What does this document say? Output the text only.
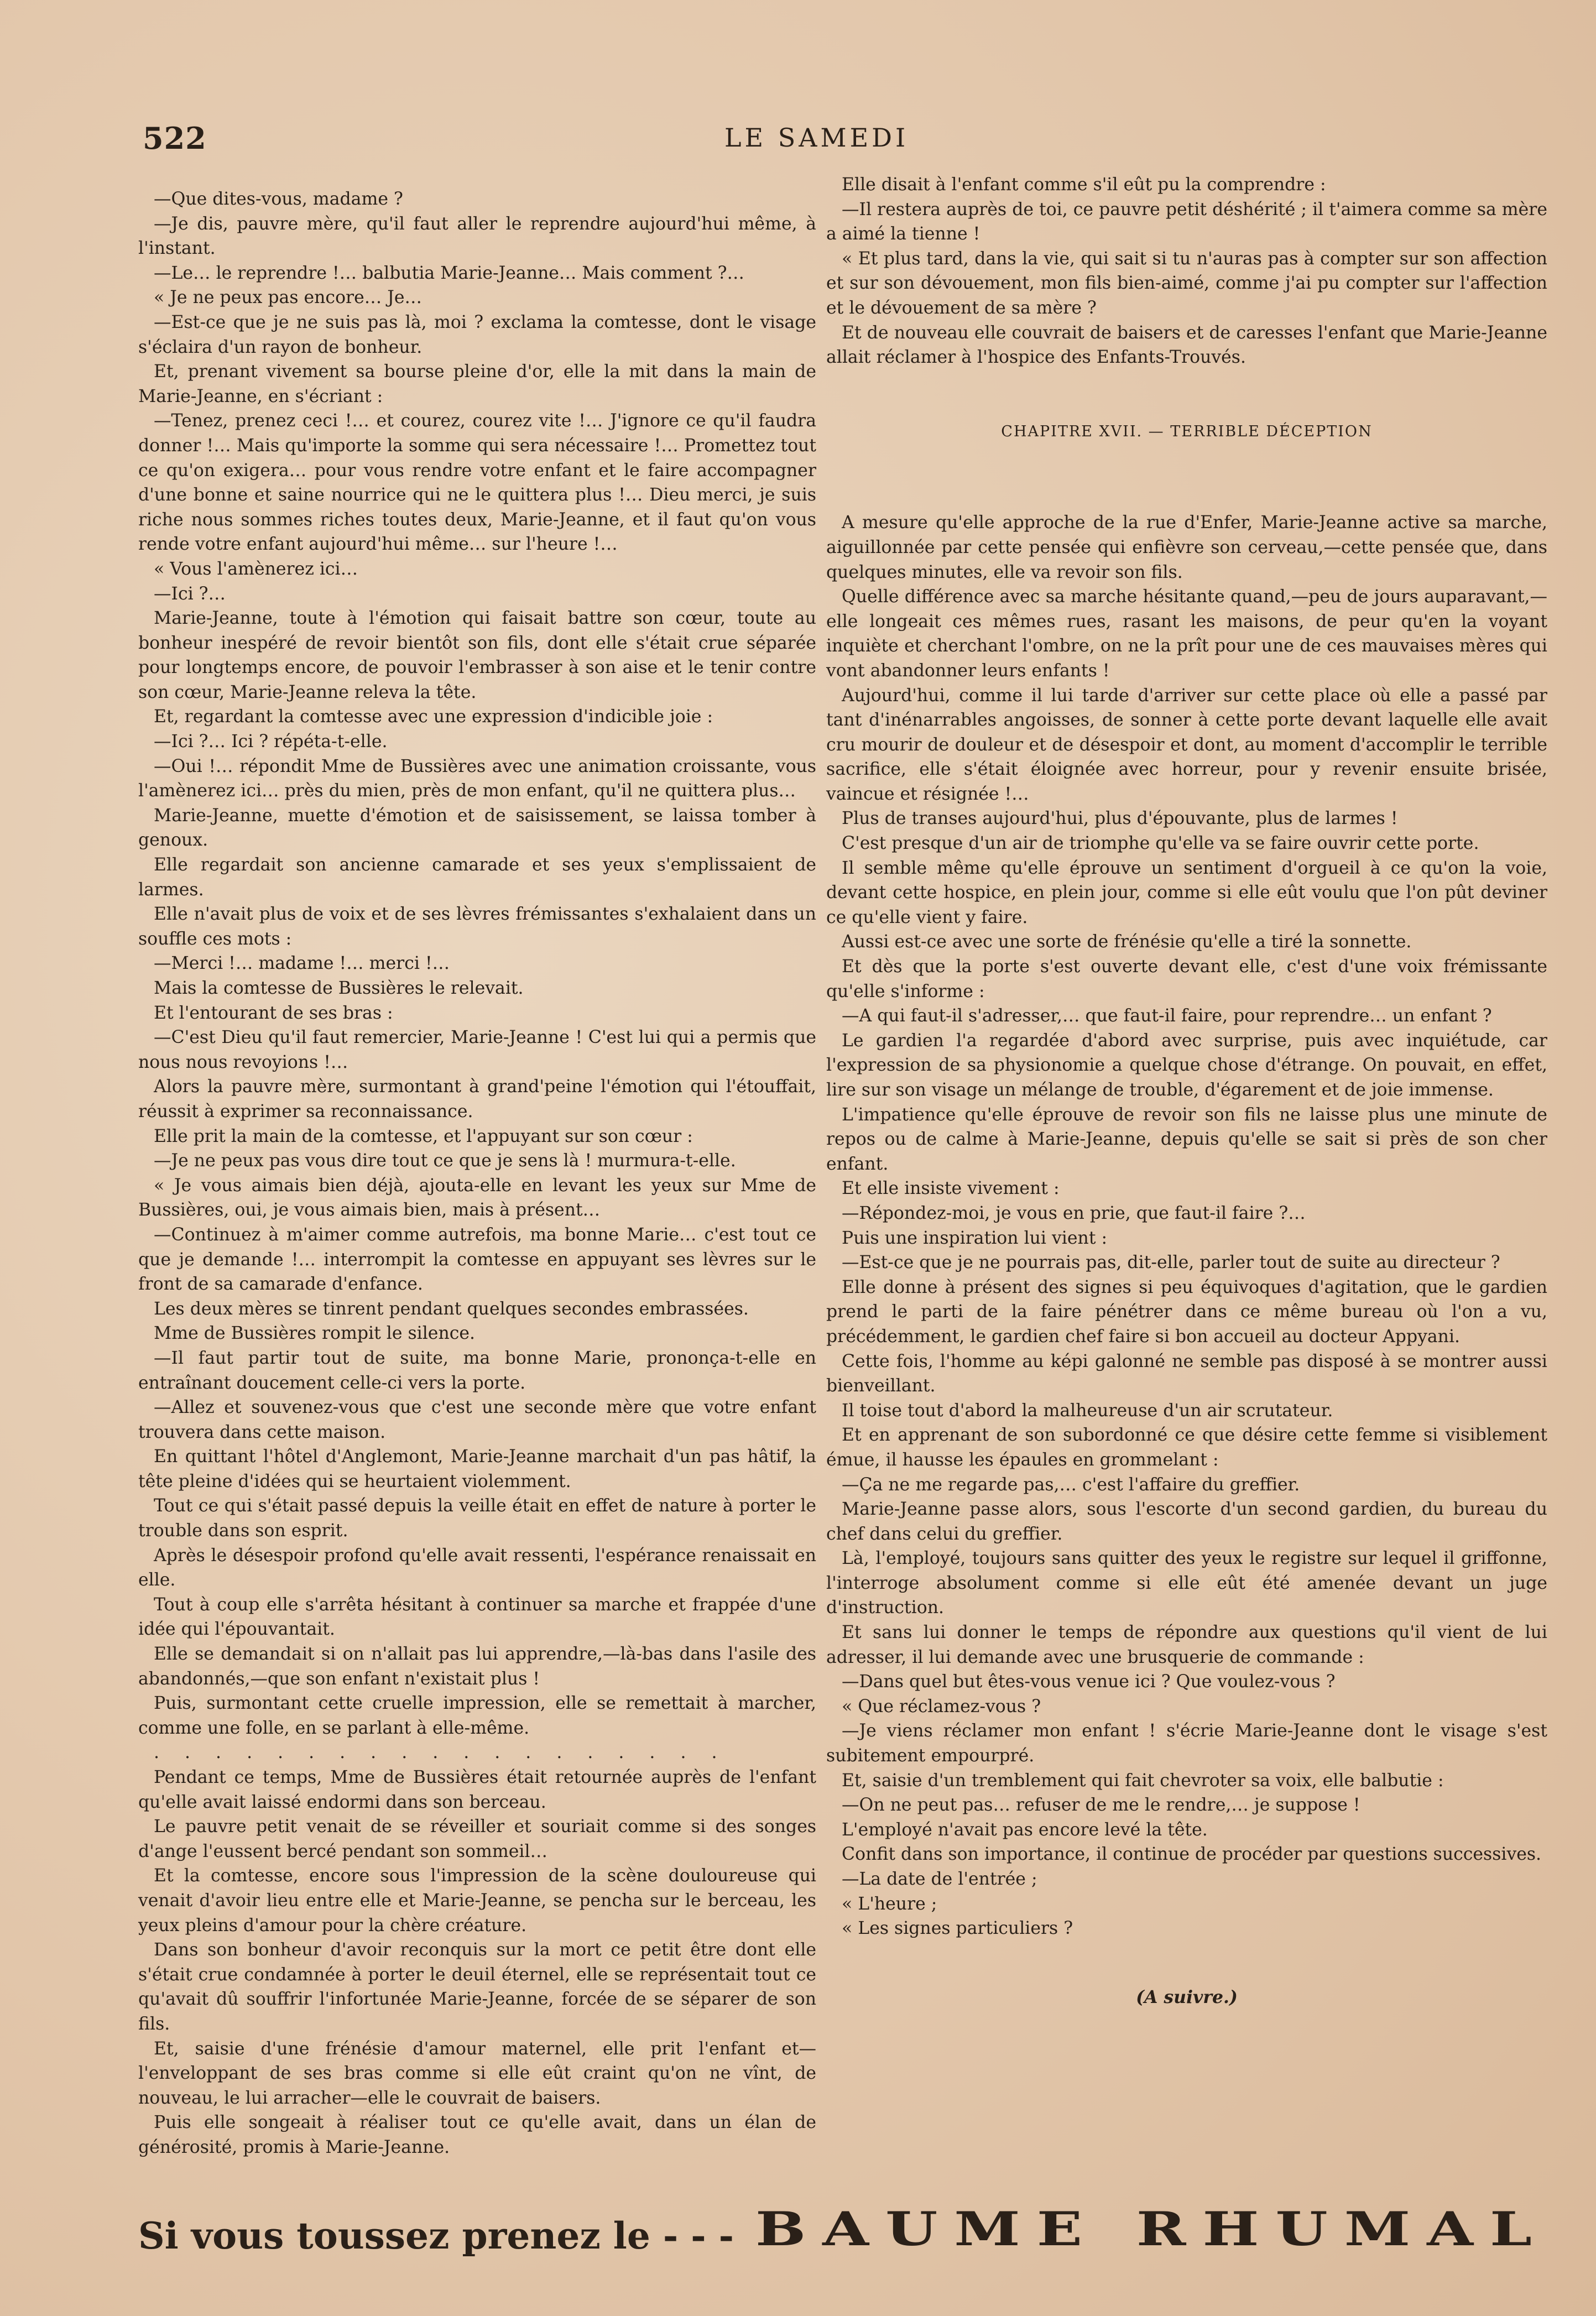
522	LE SAMEDI

—Que dites-vous, madame ?

—Je dis, pauvre mère, qu'il faut aller le reprendre aujourd'hui même, à l'instant.

—Le… le reprendre !… balbutia Marie-Jeanne… Mais comment ?…

« Je ne peux pas encore… Je…

—Est-ce que je ne suis pas là, moi ? exclama la comtesse, dont le visage s'éclaira d'un rayon de bonheur.

Et, prenant vivement sa bourse pleine d'or, elle la mit dans la main de Marie-Jeanne, en s'écriant :

—Tenez, prenez ceci !… et courez, courez vite !… J'ignore ce qu'il faudra donner !… Mais qu'importe la somme qui sera nécessaire !… Promettez tout ce qu'on exigera… pour vous rendre votre enfant et le faire accompagner d'une bonne et saine nourrice qui ne le quittera plus !… Dieu merci, je suis riche nous sommes riches toutes deux, Marie-Jeanne, et il faut qu'on vous rende votre enfant aujourd'hui même… sur l'heure !…

« Vous l'amènerez ici…

—Ici ?…

Marie-Jeanne, toute à l'émotion qui faisait battre son cœur, toute au bonheur inespéré de revoir bientôt son fils, dont elle s'était crue séparée pour longtemps encore, de pouvoir l'embrasser à son aise et le tenir contre son cœur, Marie-Jeanne releva la tête.

Et, regardant la comtesse avec une expression d'indicible joie :

—Ici ?… Ici ? répéta-t-elle.

—Oui !… répondit Mme de Bussières avec une animation croissante, vous l'amènerez ici… près du mien, près de mon enfant, qu'il ne quittera plus…

Marie-Jeanne, muette d'émotion et de saisissement, se laissa tomber à genoux.

Elle regardait son ancienne camarade et ses yeux s'emplissaient de larmes.

Elle n'avait plus de voix et de ses lèvres frémissantes s'exhalaient dans un souffle ces mots :

—Merci !… madame !… merci !…

Mais la comtesse de Bussières le relevait.

Et l'entourant de ses bras :

—C'est Dieu qu'il faut remercier, Marie-Jeanne ! C'est lui qui a permis que nous nous revoyions !…

Alors la pauvre mère, surmontant à grand'peine l'émotion qui l'étouffait, réussit à exprimer sa reconnaissance.

Elle prit la main de la comtesse, et l'appuyant sur son cœur :

—Je ne peux pas vous dire tout ce que je sens là ! murmura-t-elle.

« Je vous aimais bien déjà, ajouta-elle en levant les yeux sur Mme de Bussières, oui, je vous aimais bien, mais à présent…

—Continuez à m'aimer comme autrefois, ma bonne Marie… c'est tout ce que je demande !… interrompit la comtesse en appuyant ses lèvres sur le front de sa camarade d'enfance.

Les deux mères se tinrent pendant quelques secondes embrassées.

Mme de Bussières rompit le silence.

—Il faut partir tout de suite, ma bonne Marie, prononça-t-elle en entraînant doucement celle-ci vers la porte.

—Allez et souvenez-vous que c'est une seconde mère que votre enfant trouvera dans cette maison.

En quittant l'hôtel d'Anglemont, Marie-Jeanne marchait d'un pas hâtif, la tête pleine d'idées qui se heurtaient violemment.

Tout ce qui s'était passé depuis la veille était en effet de nature à porter le trouble dans son esprit.

Après le désespoir profond qu'elle avait ressenti, l'espérance renaissait en elle.

Tout à coup elle s'arrêta hésitant à continuer sa marche et frappée d'une idée qui l'épouvantait.

Elle se demandait si on n'allait pas lui apprendre,—là-bas dans l'asile des abandonnés,—que son enfant n'existait plus !

Puis, surmontant cette cruelle impression, elle se remettait à marcher, comme une folle, en se parlant à elle-même.

. . . . . . . . . . . . . . . . . . .

Pendant ce temps, Mme de Bussières était retournée auprès de l'enfant qu'elle avait laissé endormi dans son berceau.

Le pauvre petit venait de se réveiller et souriait comme si des songes d'ange l'eussent bercé pendant son sommeil…

Et la comtesse, encore sous l'impression de la scène douloureuse qui venait d'avoir lieu entre elle et Marie-Jeanne, se pencha sur le berceau, les yeux pleins d'amour pour la chère créature.

Dans son bonheur d'avoir reconquis sur la mort ce petit être dont elle s'était crue condamnée à porter le deuil éternel, elle se représentait tout ce qu'avait dû souffrir l'infortunée Marie-Jeanne, forcée de se séparer de son fils.

Et, saisie d'une frénésie d'amour maternel, elle prit l'enfant et—l'enveloppant de ses bras comme si elle eût craint qu'on ne vînt, de nouveau, le lui arracher—elle le couvrait de baisers.

Puis elle songeait à réaliser tout ce qu'elle avait, dans un élan de générosité, promis à Marie-Jeanne.

Elle disait à l'enfant comme s'il eût pu la comprendre :

—Il restera auprès de toi, ce pauvre petit déshérité ; il t'aimera comme sa mère a aimé la tienne !

« Et plus tard, dans la vie, qui sait si tu n'auras pas à compter sur son affection et sur son dévouement, mon fils bien-aimé, comme j'ai pu compter sur l'affection et le dévouement de sa mère ?

Et de nouveau elle couvrait de baisers et de caresses l'enfant que Marie-Jeanne allait réclamer à l'hospice des Enfants-Trouvés.

CHAPITRE XVII. — TERRIBLE DÉCEPTION

A mesure qu'elle approche de la rue d'Enfer, Marie-Jeanne active sa marche, aiguillonnée par cette pensée qui enfièvre son cerveau,—cette pensée que, dans quelques minutes, elle va revoir son fils.

Quelle différence avec sa marche hésitante quand,—peu de jours auparavant,—elle longeait ces mêmes rues, rasant les maisons, de peur qu'en la voyant inquiète et cherchant l'ombre, on ne la prît pour une de ces mauvaises mères qui vont abandonner leurs enfants !

Aujourd'hui, comme il lui tarde d'arriver sur cette place où elle a passé par tant d'inénarrables angoisses, de sonner à cette porte devant laquelle elle avait cru mourir de douleur et de désespoir et dont, au moment d'accomplir le terrible sacrifice, elle s'était éloignée avec horreur, pour y revenir ensuite brisée, vaincue et résignée !…

Plus de transes aujourd'hui, plus d'épouvante, plus de larmes !

C'est presque d'un air de triomphe qu'elle va se faire ouvrir cette porte.

Il semble même qu'elle éprouve un sentiment d'orgueil à ce qu'on la voie, devant cette hospice, en plein jour, comme si elle eût voulu que l'on pût deviner ce qu'elle vient y faire.

Aussi est-ce avec une sorte de frénésie qu'elle a tiré la sonnette.

Et dès que la porte s'est ouverte devant elle, c'est d'une voix frémissante qu'elle s'informe :

—A qui faut-il s'adresser,… que faut-il faire, pour reprendre… un enfant ?

Le gardien l'a regardée d'abord avec surprise, puis avec inquiétude, car l'expression de sa physionomie a quelque chose d'étrange. On pouvait, en effet, lire sur son visage un mélange de trouble, d'égarement et de joie immense.

L'impatience qu'elle éprouve de revoir son fils ne laisse plus une minute de repos ou de calme à Marie-Jeanne, depuis qu'elle se sait si près de son cher enfant.

Et elle insiste vivement :

—Répondez-moi, je vous en prie, que faut-il faire ?…

Puis une inspiration lui vient :

—Est-ce que je ne pourrais pas, dit-elle, parler tout de suite au directeur ?

Elle donne à présent des signes si peu équivoques d'agitation, que le gardien prend le parti de la faire pénétrer dans ce même bureau où l'on a vu, précédemment, le gardien chef faire si bon accueil au docteur Appyani.

Cette fois, l'homme au képi galonné ne semble pas disposé à se montrer aussi bienveillant.

Il toise tout d'abord la malheureuse d'un air scrutateur.

Et en apprenant de son subordonné ce que désire cette femme si visiblement émue, il hausse les épaules en grommelant :

—Ça ne me regarde pas,… c'est l'affaire du greffier.

Marie-Jeanne passe alors, sous l'escorte d'un second gardien, du bureau du chef dans celui du greffier.

Là, l'employé, toujours sans quitter des yeux le registre sur lequel il griffonne, l'interroge absolument comme si elle eût été amenée devant un juge d'instruction.

Et sans lui donner le temps de répondre aux questions qu'il vient de lui adresser, il lui demande avec une brusquerie de commande :

—Dans quel but êtes-vous venue ici ? Que voulez-vous ?

« Que réclamez-vous ?

—Je viens réclamer mon enfant ! s'écrie Marie-Jeanne dont le visage s'est subitement empourpré.

Et, saisie d'un tremblement qui fait chevroter sa voix, elle balbutie :

—On ne peut pas… refuser de me le rendre,… je suppose !

L'employé n'avait pas encore levé la tête.

Confit dans son importance, il continue de procéder par questions successives.

—La date de l'entrée ;

« L'heure ;

« Les signes particuliers ?

(A suivre.)
Si vous toussez prenez le - - - BAUME RHUMAL
